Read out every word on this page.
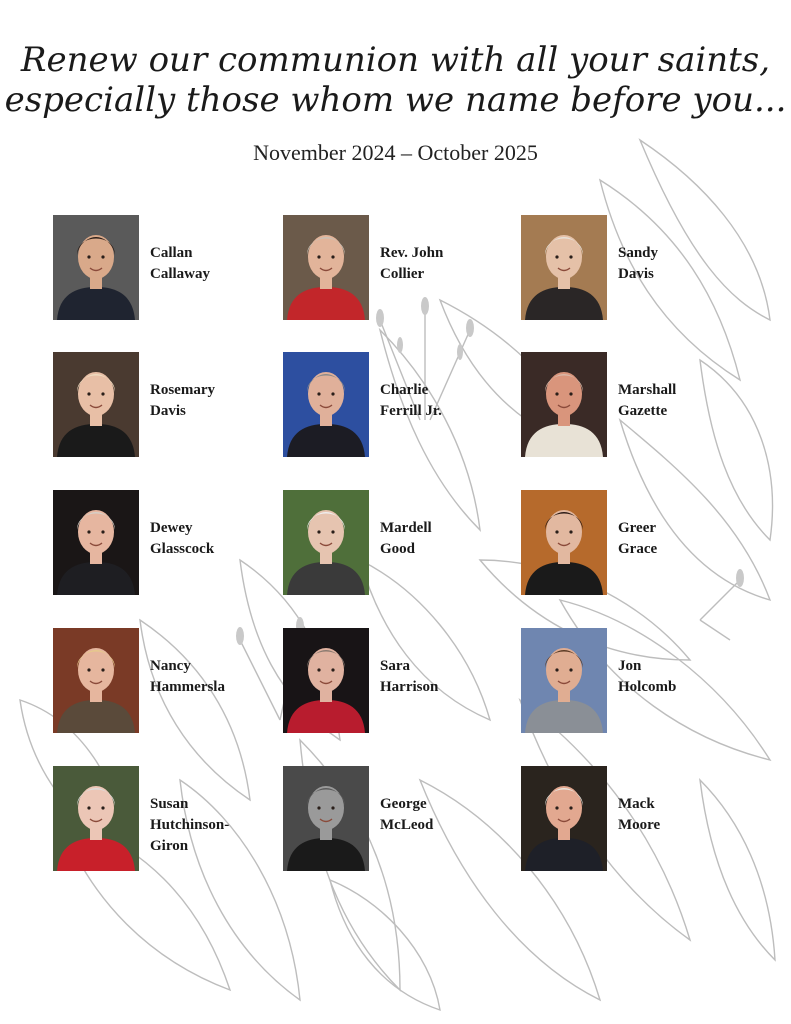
Renew our communion with all your saints,
especially those whom we name before you...
November 2024 – October 2025
Callan
Callaway
Rev. John
Collier
Sandy
Davis
Rosemary
Davis
Charlie
Ferrill Jr.
Marshall
Gazette
Dewey
Glasscock
Mardell
Good
Greer
Grace
Nancy
Hammersla
Sara
Harrison
Jon
Holcomb
Susan
Hutchinson-
Giron
George
McLeod
Mack
Moore
